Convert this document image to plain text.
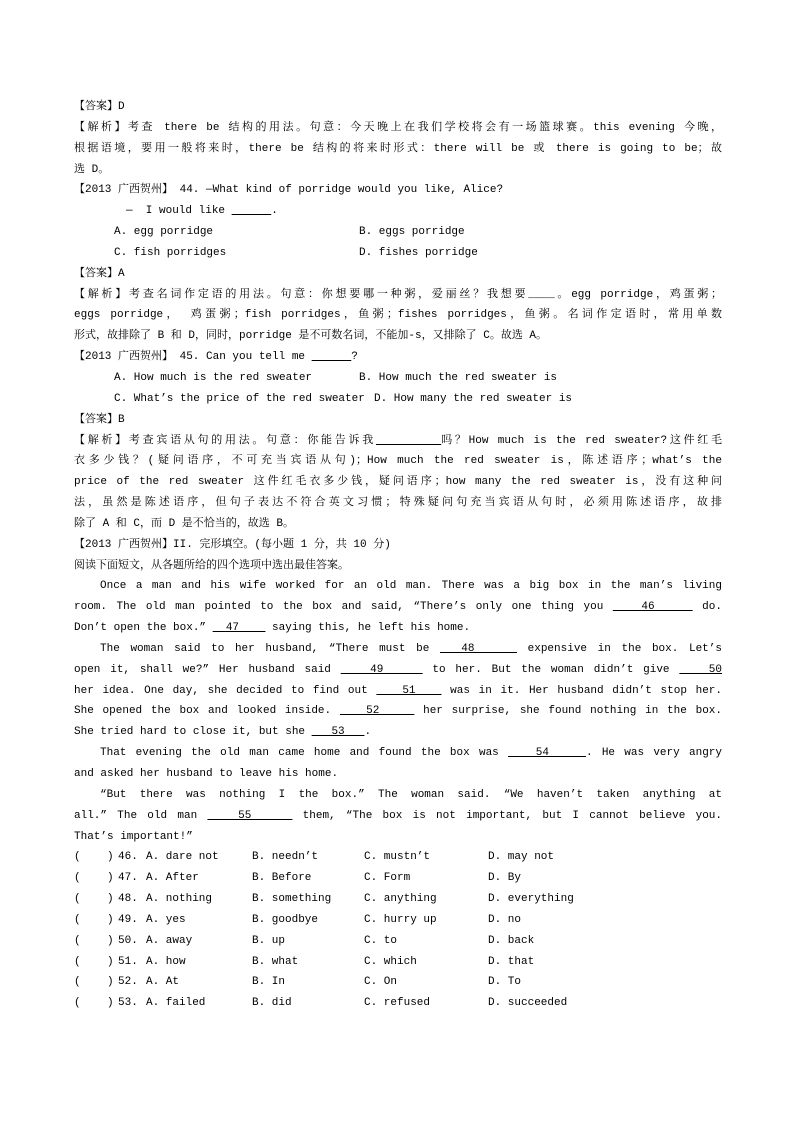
【答案】D
【解析】考查 there be 结构的用法。句意：今天晚上在我们学校将会有一场篮球赛。this evening 今晚，
根据语境，要用一般将来时，there be 结构的将来时形式：there will be 或 there is going to be；故
选 D。
【2013 广西贺州】 44. —What kind of porridge would you like, Alice?
—  I would like	.
A. egg porridge	B. eggs porridge
C. fish porridges	D. fishes porridge
【答案】A
【解析】考查名词作定语的用法。句意：你想要哪一种粥，爱丽丝？我想要____。egg porridge，鸡蛋粥；
eggs porridge， 鸡蛋粥；fish porridges，鱼粥；fishes porridges，鱼粥。名词作定语时，常用单数
形式，故排除了 B 和 D，同时，porridge 是不可数名词，不能加-s，又排除了 C。故选 A。
【2013 广西贺州】 45. Can you tell me	?
A. How much is the red sweater	B. How much the red sweater is
C. What’s the price of the red sweater D. How many the red sweater is
【答案】B
【解析】考查宾语从句的用法。句意：你能告诉我	吗？How much is the red sweater?这件红毛
衣多少钱？(疑问语序，不可充当宾语从句)；How much the red sweater is，陈述语序；what’s the
price of the red sweater 这件红毛衣多少钱，疑问语序；how many the red sweater is，没有这种问
法，虽然是陈述语序，但句子表达不符合英文习惯；特殊疑问句充当宾语从句时，必须用陈述语序，故排
除了 A 和 C，而 D 是不恰当的，故选 B。
【2013 广西贺州】II. 完形填空。(每小题 1 分，共 10 分)
阅读下面短文，从各题所给的四个选项中选出最佳答案。
Once a man and his wife worked for an old man. There was a big box in the man’s living
room. The old man pointed to the box and said, “There’s only one thing you    46     do.
Don’t open the box.”   47     saying this, he left his home.
The woman said to her husband, “There must be   48     expensive in the box. Let’s
open it, shall we?” Her husband said    49     to her. But the woman didn’t give    50
her idea. One day, she decided to find out    51    was in it. Her husband didn’t stop her.
She opened the box and looked inside.    52     her surprise, she found nothing in the box.
She tried hard to close it, but she    53   .
That evening the old man came home and found the box was    54    . He was very angry
and asked her husband to leave his home.
“But there was nothing I the box.” The woman said. “We haven’t taken anything at
all.” The old man    55     them, “The box is not important, but I cannot believe you.
That’s important!”
(    ) 46. A. dare not	B. needn’t	C. mustn’t	D. may not
(    ) 47. A. After	B. Before	C. Form	D. By
(    ) 48. A. nothing	B. something	C. anything	D. everything
(    ) 49. A. yes	B. goodbye	C. hurry up	D. no
(    ) 50. A. away	B. up	C. to	D. back
(    ) 51. A. how	B. what	C. which	D. that
(    ) 52. A. At	B. In	C. On	D. To
(    ) 53. A. failed	B. did	C. refused	D. succeeded
